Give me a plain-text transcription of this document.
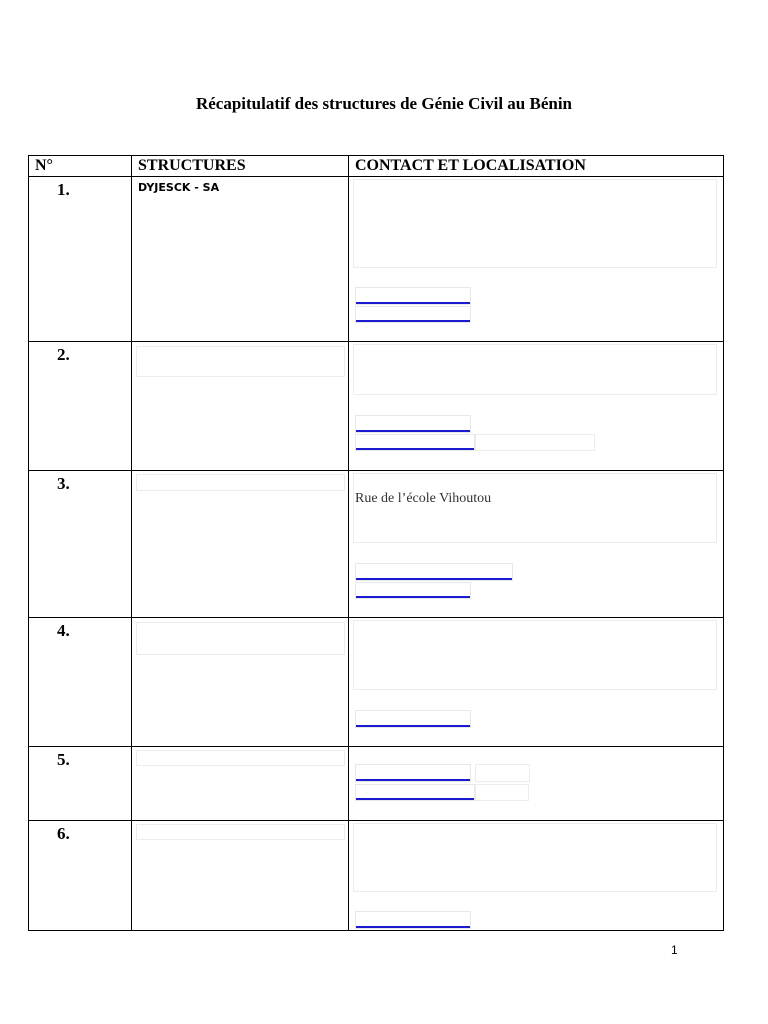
Récapitulatif des structures de Génie Civil au Bénin
N°	STRUCTURES	CONTACT ET LOCALISATION

1.	DYJESCK - SA	

2.		

3.		Rue de l’école Vihoutou

4.		

5.		

6.		

1
